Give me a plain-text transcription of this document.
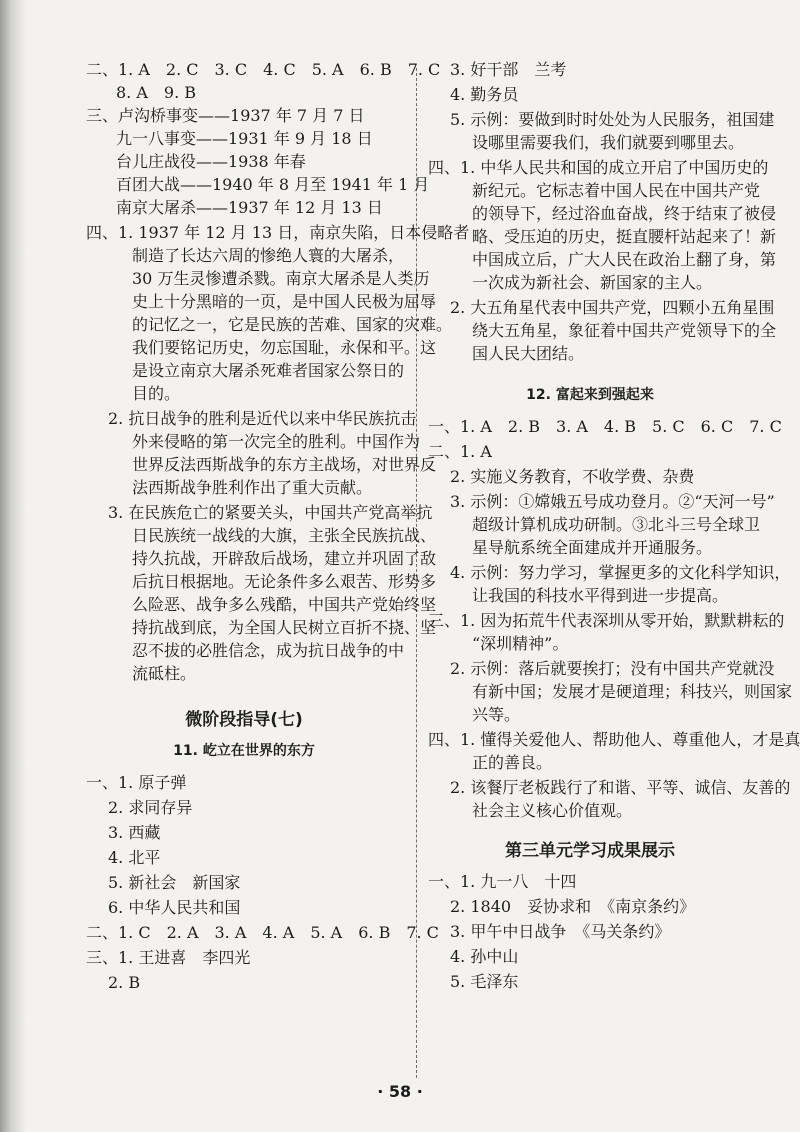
二、1. A　2. C　3. C　4. C　5. A　6. B　7. C
8. A　9. B
三、卢沟桥事变——1937 年 7 月 7 日
九一八事变——1931 年 9 月 18 日
台儿庄战役——1938 年春
百团大战——1940 年 8 月至 1941 年 1 月
南京大屠杀——1937 年 12 月 13 日
四、1. 1937 年 12 月 13 日，南京失陷，日本侵略者
制造了长达六周的惨绝人寰的大屠杀，
30 万生灵惨遭杀戮。南京大屠杀是人类历
史上十分黑暗的一页，是中国人民极为屈辱
的记忆之一，它是民族的苦难、国家的灾难。
我们要铭记历史，勿忘国耻，永保和平。这
是设立南京大屠杀死难者国家公祭日的
目的。
2. 抗日战争的胜利是近代以来中华民族抗击
外来侵略的第一次完全的胜利。中国作为
世界反法西斯战争的东方主战场，对世界反
法西斯战争胜利作出了重大贡献。
3. 在民族危亡的紧要关头，中国共产党高举抗
日民族统一战线的大旗，主张全民族抗战、
持久抗战，开辟敌后战场，建立并巩固了敌
后抗日根据地。无论条件多么艰苦、形势多
么险恶、战争多么残酷，中国共产党始终坚
持抗战到底，为全国人民树立百折不挠、坚
忍不拔的必胜信念，成为抗日战争的中
流砥柱。
微阶段指导(七)
11. 屹立在世界的东方
一、1. 原子弹
2. 求同存异
3. 西藏
4. 北平
5. 新社会　新国家
6. 中华人民共和国
二、1. C　2. A　3. A　4. A　5. A　6. B　7. C
三、1. 王进喜　李四光
2. B
3. 好干部　兰考
4. 勤务员
5. 示例：要做到时时处处为人民服务，祖国建
设哪里需要我们，我们就要到哪里去。
四、1. 中华人民共和国的成立开启了中国历史的
新纪元。它标志着中国人民在中国共产党
的领导下，经过浴血奋战，终于结束了被侵
略、受压迫的历史，挺直腰杆站起来了！新
中国成立后，广大人民在政治上翻了身，第
一次成为新社会、新国家的主人。
2. 大五角星代表中国共产党，四颗小五角星围
绕大五角星，象征着中国共产党领导下的全
国人民大团结。
12. 富起来到强起来
一、1. A　2. B　3. A　4. B　5. C　6. C　7. C
二、1. A
2. 实施义务教育，不收学费、杂费
3. 示例：①嫦娥五号成功登月。②“天河一号”
超级计算机成功研制。③北斗三号全球卫
星导航系统全面建成并开通服务。
4. 示例：努力学习，掌握更多的文化科学知识，
让我国的科技水平得到进一步提高。
三、1. 因为拓荒牛代表深圳从零开始，默默耕耘的
“深圳精神”。
2. 示例：落后就要挨打；没有中国共产党就没
有新中国；发展才是硬道理；科技兴，则国家
兴等。
四、1. 懂得关爱他人、帮助他人、尊重他人，才是真
正的善良。
2. 该餐厅老板践行了和谐、平等、诚信、友善的
社会主义核心价值观。
第三单元学习成果展示
一、1. 九一八　十四
2. 1840　妥协求和　《南京条约》
3. 甲午中日战争　《马关条约》
4. 孙中山
5. 毛泽东
· 58 ·
